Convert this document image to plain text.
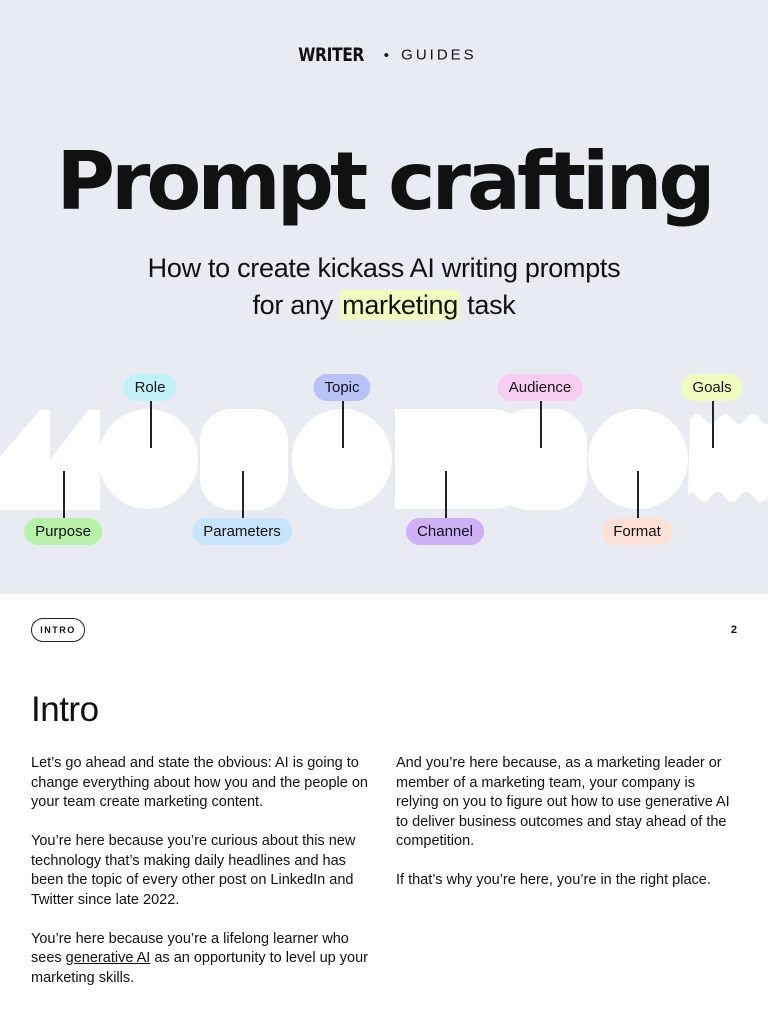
WRITER • GUIDES
Prompt crafting
How to create kickass AI writing prompts
for any marketing task
Role	Topic	Audience	Goals
Purpose	Parameters	Channel	Format
INTRO	2
Intro

Let’s go ahead and state the obvious: AI is going to change everything about how you and the people on your team create marketing content.

You’re here because you’re curious about this new technology that’s making daily headlines and has been the topic of every other post on LinkedIn and Twitter since late 2022.

You’re here because you’re a lifelong learner who sees generative AI as an opportunity to level up your marketing skills.

And you’re here because, as a marketing leader or member of a marketing team, your company is relying on you to figure out how to use generative AI to deliver business outcomes and stay ahead of the competition.

If that’s why you’re here, you’re in the right place.
